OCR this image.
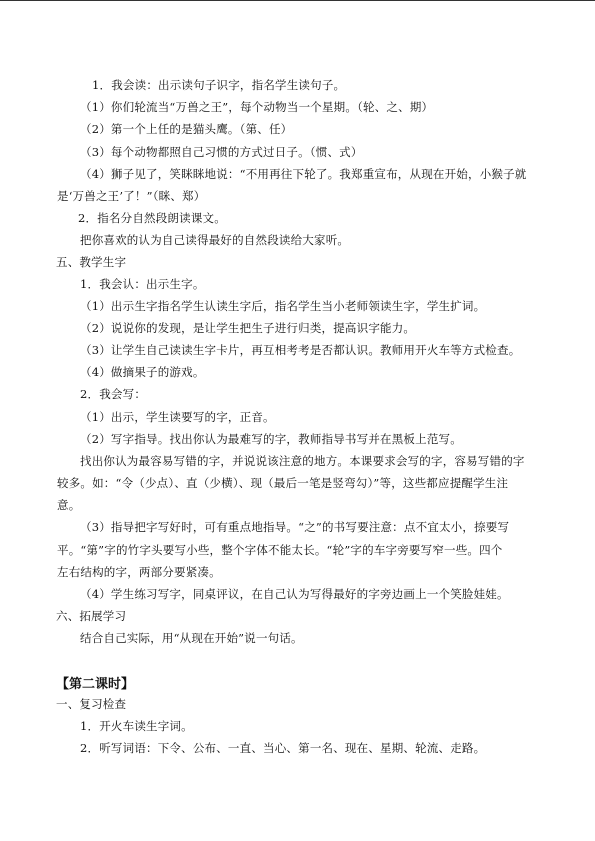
1．我会读：出示读句子识字，指名学生读句子。
（1）你们轮流当“万兽之王”，每个动物当一个星期。（轮、之、期）
（2）第一个上任的是猫头鹰。（第、任）
（3）每个动物都照自己习惯的方式过日子。（惯、式）
（4）狮子见了，笑眯眯地说：“不用再往下轮了。我郑重宣布，从现在开始，小猴子就
是‘万兽之王’了！”（眯、郑）
2．指名分自然段朗读课文。
把你喜欢的认为自己读得最好的自然段读给大家听。
五、教学生字
1．我会认：出示生字。
（1）出示生字指名学生认读生字后，指名学生当小老师领读生字，学生扩词。
（2）说说你的发现，是让学生把生子进行归类，提高识字能力。
（3）让学生自己读读生字卡片，再互相考考是否都认识。教师用开火车等方式检查。
（4）做摘果子的游戏。
2．我会写：
（1）出示，学生读要写的字，正音。
（2）写字指导。找出你认为最难写的字，教师指导书写并在黑板上范写。
找出你认为最容易写错的字，并说说该注意的地方。本课要求会写的字，容易写错的字
较多。如：“令（少点）、直（少横）、现（最后一笔是竖弯勾）”等，这些都应提醒学生注
意。
（3）指导把字写好时，可有重点地指导。“之”的书写要注意：点不宜太小，捺要写
平。“第”字的竹字头要写小些，整个字体不能太长。“轮”字的车字旁要写窄一些。四个
左右结构的字，两部分要紧凑。
（4）学生练习写字，同桌评议，在自己认为写得最好的字旁边画上一个笑脸娃娃。
六、拓展学习
结合自己实际，用“从现在开始”说一句话。
【第二课时】
一、复习检查
1．开火车读生字词。
2．听写词语：下令、公布、一直、当心、第一名、现在、星期、轮流、走路。
